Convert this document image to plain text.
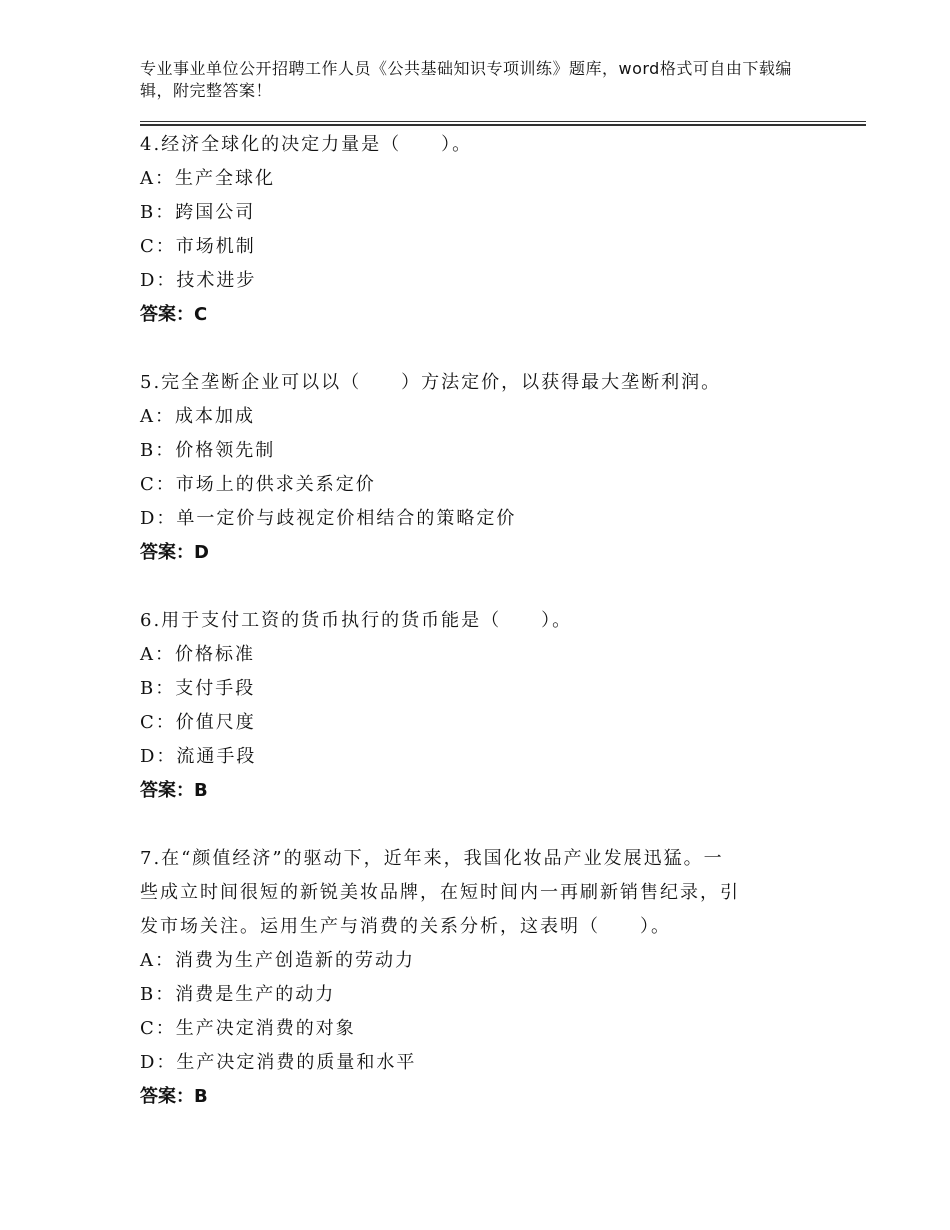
专业事业单位公开招聘工作人员《公共基础知识专项训练》题库，word格式可自由下载编辑，附完整答案！
4.经济全球化的决定力量是（　　）。
A：生产全球化
B：跨国公司
C：市场机制
D：技术进步
答案：C
5.完全垄断企业可以以（　　）方法定价，以获得最大垄断利润。
A：成本加成
B：价格领先制
C：市场上的供求关系定价
D：单一定价与歧视定价相结合的策略定价
答案：D
6.用于支付工资的货币执行的货币能是（　　）。
A：价格标准
B：支付手段
C：价值尺度
D：流通手段
答案：B
7.在“颜值经济”的驱动下，近年来，我国化妆品产业发展迅猛。一
些成立时间很短的新锐美妆品牌，在短时间内一再刷新销售纪录，引
发市场关注。运用生产与消费的关系分析，这表明（　　）。
A：消费为生产创造新的劳动力
B：消费是生产的动力
C：生产决定消费的对象
D：生产决定消费的质量和水平
答案：B
